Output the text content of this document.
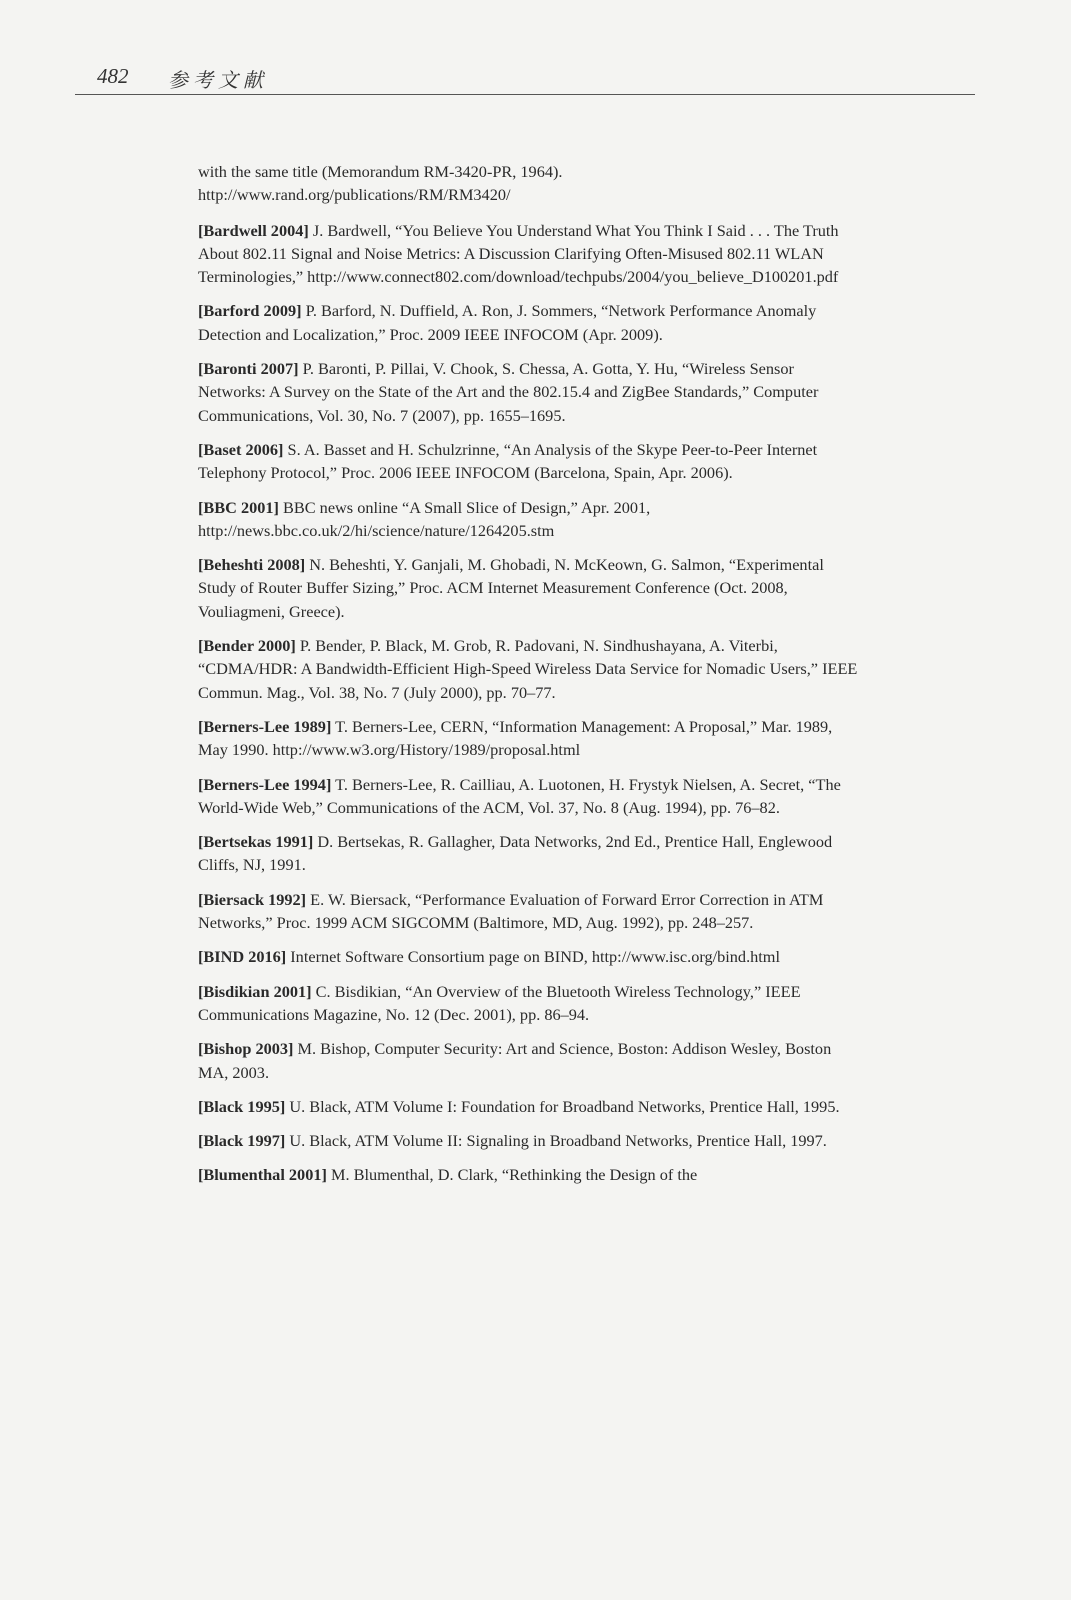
482 参考文献

with the same title (Memorandum RM-3420-PR, 1964). http://www.rand.org/publications/RM/RM3420/

[Bardwell 2004] J. Bardwell, “You Believe You Understand What You Think I Said . . . The Truth About 802.11 Signal and Noise Metrics: A Discussion Clarifying Often-Misused 802.11 WLAN Terminologies,” http://www.connect802.com/download/techpubs/2004/you_believe_D100201.pdf

[Barford 2009] P. Barford, N. Duffield, A. Ron, J. Sommers, “Network Performance Anomaly Detection and Localization,” Proc. 2009 IEEE INFOCOM (Apr. 2009).

[Baronti 2007] P. Baronti, P. Pillai, V. Chook, S. Chessa, A. Gotta, Y. Hu, “Wireless Sensor Networks: A Survey on the State of the Art and the 802.15.4 and ZigBee Standards,” Computer Communications, Vol. 30, No. 7 (2007), pp. 1655–1695.

[Baset 2006] S. A. Basset and H. Schulzrinne, “An Analysis of the Skype Peer-to-Peer Internet Telephony Protocol,” Proc. 2006 IEEE INFOCOM (Barcelona, Spain, Apr. 2006).

[BBC 2001] BBC news online “A Small Slice of Design,” Apr. 2001, http://news.bbc.co.uk/2/hi/science/nature/1264205.stm

[Beheshti 2008] N. Beheshti, Y. Ganjali, M. Ghobadi, N. McKeown, G. Salmon, “Experimental Study of Router Buffer Sizing,” Proc. ACM Internet Measurement Conference (Oct. 2008, Vouliagmeni, Greece).

[Bender 2000] P. Bender, P. Black, M. Grob, R. Padovani, N. Sindhushayana, A. Viterbi, “CDMA/HDR: A Bandwidth-Efficient High-Speed Wireless Data Service for Nomadic Users,” IEEE Commun. Mag., Vol. 38, No. 7 (July 2000), pp. 70–77.

[Berners-Lee 1989] T. Berners-Lee, CERN, “Information Management: A Proposal,” Mar. 1989, May 1990. http://www.w3.org/History/1989/proposal.html

[Berners-Lee 1994] T. Berners-Lee, R. Cailliau, A. Luotonen, H. Frystyk Nielsen, A. Secret, “The World-Wide Web,” Communications of the ACM, Vol. 37, No. 8 (Aug. 1994), pp. 76–82.

[Bertsekas 1991] D. Bertsekas, R. Gallagher, Data Networks, 2nd Ed., Prentice Hall, Englewood Cliffs, NJ, 1991.

[Biersack 1992] E. W. Biersack, “Performance Evaluation of Forward Error Correction in ATM Networks,” Proc. 1999 ACM SIGCOMM (Baltimore, MD, Aug. 1992), pp. 248–257.

[BIND 2016] Internet Software Consortium page on BIND, http://www.isc.org/bind.html

[Bisdikian 2001] C. Bisdikian, “An Overview of the Bluetooth Wireless Technology,” IEEE Communications Magazine, No. 12 (Dec. 2001), pp. 86–94.

[Bishop 2003] M. Bishop, Computer Security: Art and Science, Boston: Addison Wesley, Boston MA, 2003.

[Black 1995] U. Black, ATM Volume I: Foundation for Broadband Networks, Prentice Hall, 1995.

[Black 1997] U. Black, ATM Volume II: Signaling in Broadband Networks, Prentice Hall, 1997.

[Blumenthal 2001] M. Blumenthal, D. Clark, “Rethinking the Design of the
